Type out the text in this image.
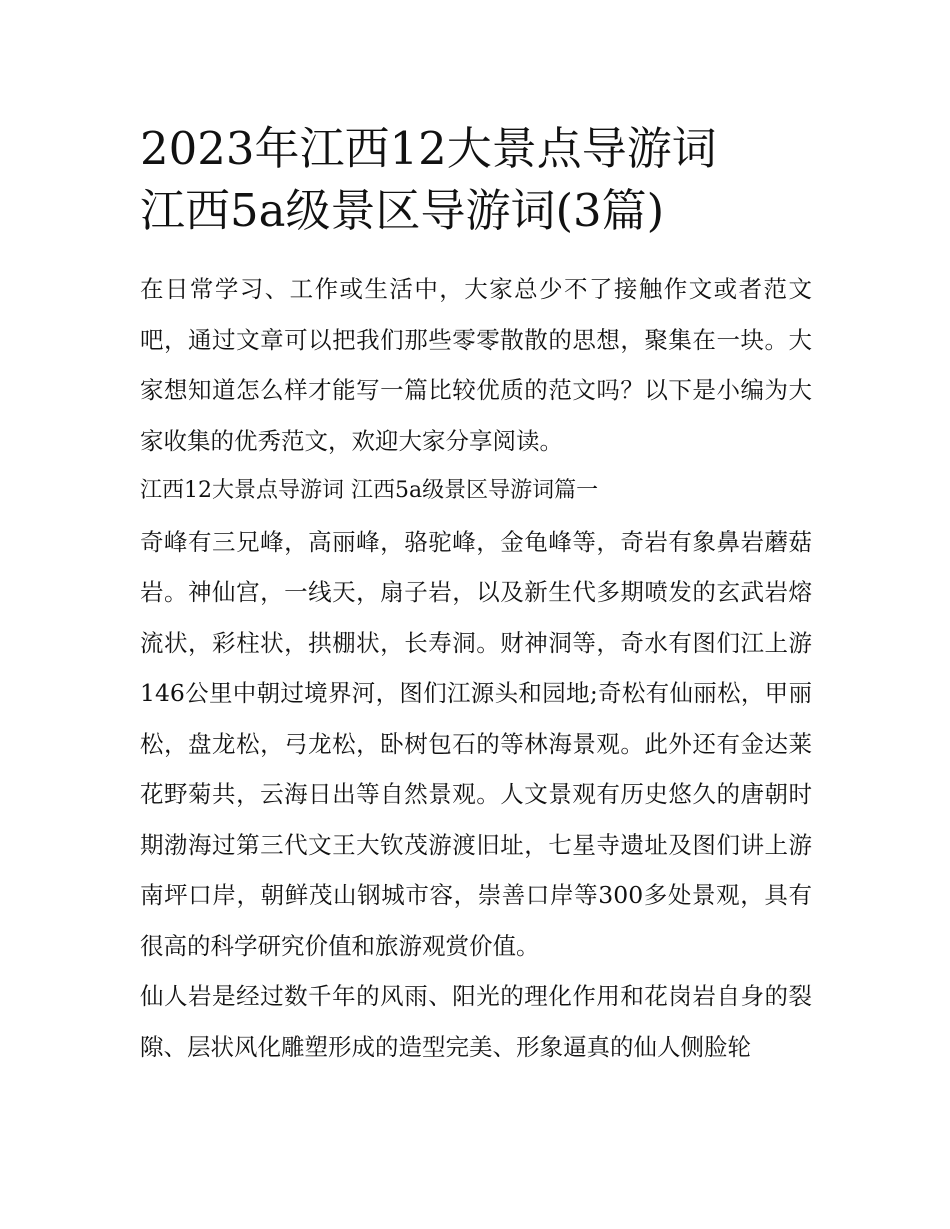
2023年江西12大景点导游词
江西5a级景区导游词(3篇)

在日常学习、工作或生活中，大家总少不了接触作文或者范文吧，通过文章可以把我们那些零零散散的思想，聚集在一块。大家想知道怎么样才能写一篇比较优质的范文吗？以下是小编为大家收集的优秀范文，欢迎大家分享阅读。

江西12大景点导游词 江西5a级景区导游词篇一

奇峰有三兄峰，高丽峰，骆驼峰，金龟峰等，奇岩有象鼻岩蘑菇岩。神仙宫，一线天，扇子岩，以及新生代多期喷发的玄武岩熔流状，彩柱状，拱棚状，长寿洞。财神洞等，奇水有图们江上游146公里中朝过境界河，图们江源头和园地;奇松有仙丽松，甲丽松，盘龙松，弓龙松，卧树包石的等林海景观。此外还有金达莱花野菊共，云海日出等自然景观。人文景观有历史悠久的唐朝时期渤海过第三代文王大钦茂游渡旧址，七星寺遗址及图们讲上游南坪口岸，朝鲜茂山钢城市容，崇善口岸等300多处景观，具有很高的科学研究价值和旅游观赏价值。

仙人岩是经过数千年的风雨、阳光的理化作用和花岗岩自身的裂隙、层状风化雕塑形成的造型完美、形象逼真的仙人侧脸轮
